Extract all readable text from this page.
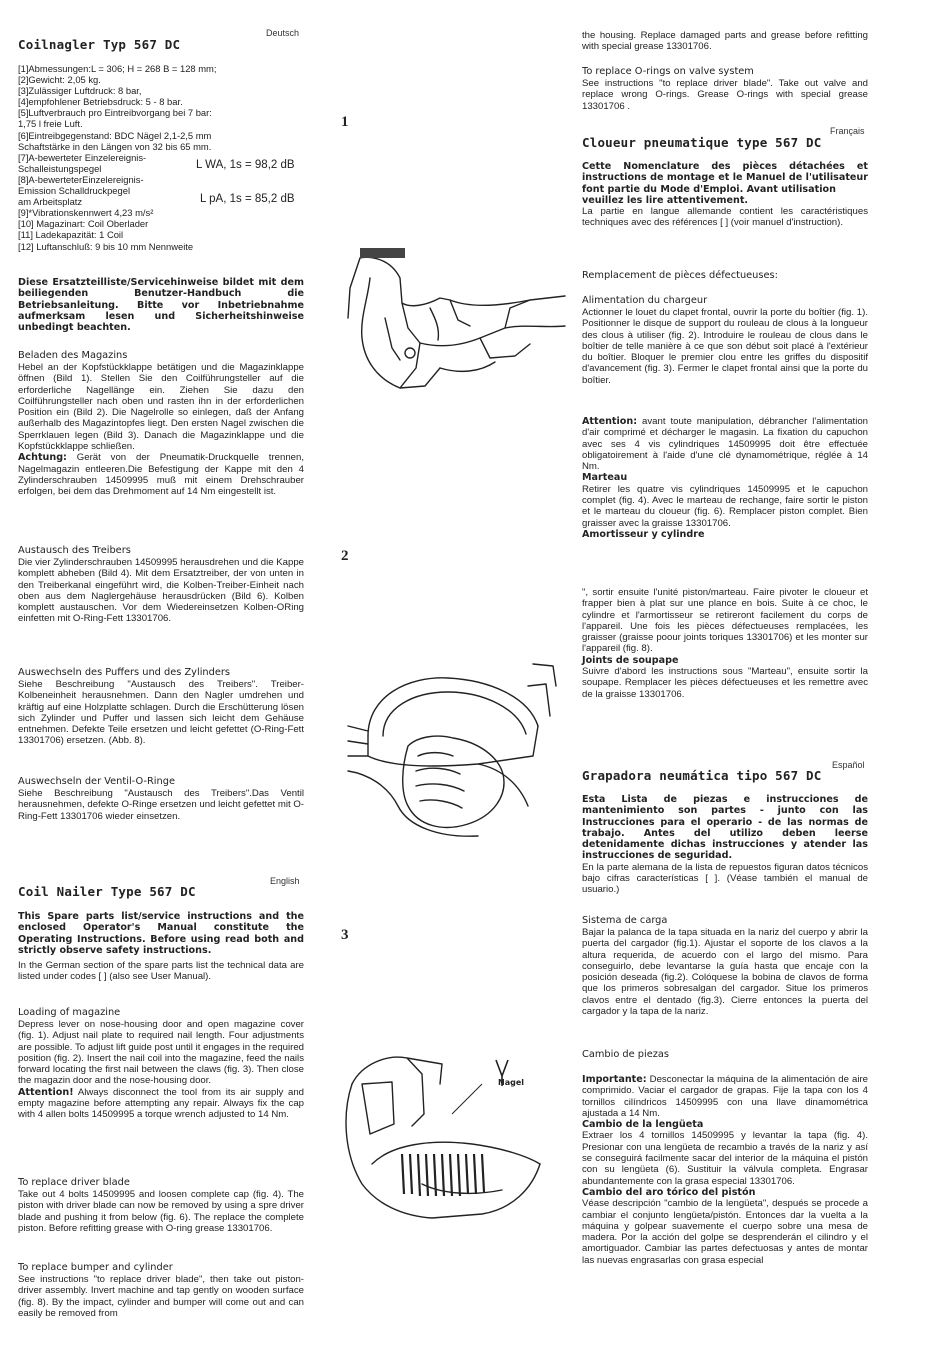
Deutsch
Coilnagler Typ 567 DC

[1]Abmessungen:L = 306; H = 268 B = 128 mm;

[2]Gewicht: 2,05 kg.

[3]Zulässiger Luftdruck: 8 bar,

[4]empfohlener Betriebsdruck: 5 - 8 bar.

[5]Luftverbrauch pro Eintreibvorgang bei 7 bar:

1,75 l freie Luft.

[6]Eintreibgegenstand: BDC Nägel 2,1-2,5 mm

Schaftstärke in den Längen von 32 bis 65 mm.

[7]A-bewerteter Einzelereignis-

Schalleistungspegel	L WA, 1s = 98,2 dB

[8]A-bewerteterEinzelereignis-

Emission Schalldruckpegel

am Arbeitsplatz	L pA, 1s = 85,2 dB

[9]*Vibrationskennwert 4,23 m/s²

[10] Magazinart: Coil Oberlader

[11] Ladekapazität: 1 Coil

[12] Luftanschluß: 9 bis 10 mm Nennweite

Diese Ersatzteilliste/Servicehinweise bildet mit dem beiliegenden Benutzer-Handbuch die Betriebsanleitung. Bitte vor Inbetriebnahme aufmerksam lesen und Sicherheitshinweise unbedingt beachten.

Beladen des Magazins

Hebel an der Kopfstückklappe betätigen und die Magazinklappe öffnen (Bild 1). Stellen Sie den Coilführungsteller auf die erforderliche Nagellänge ein. Ziehen Sie dazu den Coilführungsteller nach oben und rasten ihn in der erforderlichen Position ein (Bild 2). Die Nagelrolle so einlegen, daß der Anfang außerhalb des Magazintopfes liegt. Den ersten Nagel zwischen die Sperrklauen legen (Bild 3). Danach die Magazinklappe und die Kopfstückklappe schließen.

Achtung: Gerät von der Pneumatik-Druckquelle trennen, Nagelmagazin entleeren.Die Befestigung der Kappe mit den 4 Zylinderschrauben 14509995 muß mit einem Drehschrauber erfolgen, bei dem das Drehmoment auf 14 Nm eingestellt ist.

Austausch des Treibers

Die vier Zylinderschrauben 14509995 herausdrehen und die Kappe komplett abheben (Bild 4). Mit dem Ersatztreiber, der von unten in den Treiberkanal eingeführt wird, die Kolben-Treiber-Einheit nach oben aus dem Naglergehäuse herausdrücken (Bild 6). Kolben komplett austauschen. Vor dem Wiedereinsetzen Kolben-ORing einfetten mit O-Ring-Fett 13301706.

Auswechseln des Puffers und des Zylinders

Siehe Beschreibung "Austausch des Treibers". Treiber-Kolbeneinheit herausnehmen. Dann den Nagler umdrehen und kräftig auf eine Holzplatte schlagen. Durch die Erschütterung lösen sich Zylinder und Puffer und lassen sich leicht dem Gehäuse entnehmen. Defekte Teile ersetzen und leicht gefettet (O-Ring-Fett 13301706) ersetzen. (Abb. 8).

Auswechseln der Ventil-O-Ringe

Siehe Beschreibung "Austausch des Treibers".Das Ventil herausnehmen, defekte O-Ringe ersetzen und leicht gefettet mit O-Ring-Fett 13301706 wieder einsetzen.

English
Coil Nailer Type 567 DC
This Spare parts list/service instructions and the enclosed Operator's Manual constitute the Operating Instructions. Before using read both and strictly observe safety instructions.
In the German section of the spare parts list the technical data are listed under codes [ ] (also see User Manual).

Loading of magazine

Depress lever on nose-housing door and open magazine cover (fig. 1). Adjust nail plate to required nail length. Four adjustments are possible. To adjust lift guide post until it engages in the required position (fig. 2). Insert the nail coil into the magazine, feed the nails forward locating the first nail between the claws (fig. 3). Then close the magazin door and the nose-housing door.

Attention! Always disconnect the tool from its air supply and empty magazine before attempting any repair. Always fix the cap with 4 allen bolts 14509995 a torque wrench adjusted to 14 Nm.

To replace driver blade

Take out 4 bolts 14509995 and loosen complete cap (fig. 4). The piston with driver blade can now be removed by using a spre driver blade and pushing it from below (fig. 6). The replace the complete piston. Before refitting grease with O-ring grease 13301706.

To replace bumper and cylinder

See instructions "to replace driver blade", then take out piston-driver assembly. Invert machine and tap gently on wooden surface (fig. 8). By the impact, cylinder and bumper will come out and can easily be removed from

1
2
3
Nagel
the housing. Replace damaged parts and grease before refitting with special grease 13301706.

To replace O-rings on valve system

See instructions "to replace driver blade". Take out valve and replace wrong O-rings. Grease O-rings with special grease 13301706 .

Français
Cloueur pneumatique type 567 DC

Cette Nomenclature des pièces détachées et instructions de montage et le Manuel de l'utilisateur font partie du Mode d'Emploi. Avant utilisation

veuillez les lire attentivement.

La partie en langue allemande contient les caractéristiques techniques avec des références [ ] (voir manuel d'instruction).

Remplacement de pièces défectueuses:

Alimentation du chargeur

Actionner le louet du clapet frontal, ouvrir la porte du boîtier (fig. 1). Positionner le disque de support du rouleau de clous à la longueur des clous à utiliser (fig. 2). Introduire le rouleau de clous dans le boîtier de telle manière à ce que son début soit placé à l'extérieur du boîtier. Bloquer le premier clou entre les griffes du dispositif d'avancement (fig. 3). Fermer le clapet frontal ainsi que la porte du boîtier.

Attention: avant toute manipulation, débrancher l'alimentation d'air comprimé et décharger le magasin. La fixation du capuchon avec ses 4 vis cylindriques 14509995 doit être effectuée obligatoirement à l'aide d'une clé dynamométrique, réglée à 14 Nm.

Marteau

Retirer les quatre vis cylindriques 14509995 et le capuchon complet (fig. 4). Avec le marteau de rechange, faire sortir le piston et le marteau du cloueur (fig. 6). Remplacer piston complet. Bien graisser avec la graisse 13301706.

Amortisseur y cylindre

", sortir ensuite l'unité piston/marteau. Faire pivoter le cloueur et frapper bien à plat sur une plance en bois. Suite à ce choc, le cylindre et l'armortisseur se retireront facilement du corps de l'appareil. Une fois les pièces défectueuses remplacées, les graisser (graisse poour joints toriques 13301706) et les monter sur l'appareil (fig. 8).

Joints de soupape

Suivre d'abord les instructions sous "Marteau", ensuite sortir la soupape. Remplacer les pièces défectueuses et les remettre avec de la graisse 13301706.

Español
Grapadora neumática tipo 567 DC

Esta Lista de piezas e instrucciones de mantenimiento son partes - junto con las Instrucciones para el operario - de las normas de trabajo. Antes del utilizo deben leerse detenidamente dichas instrucciones y atender las instrucciones de seguridad.

En la parte alemana de la lista de repuestos figuran datos técnicos bajo cifras características [ ]. (Véase también el manual de usuario.)

Sistema de carga

Bajar la palanca de la tapa situada en la nariz del cuerpo y abrir la puerta del cargador (fig.1). Ajustar el soporte de los clavos a la altura requerida, de acuerdo con el largo del mismo. Para conseguirlo, debe levantarse la guía hasta que encaje con la posición deseada (fig.2). Colóquese la bobina de clavos de forma que los primeros sobresalgan del cargador. Situe los primeros clavos entre el dentado (fig.3). Cierre entonces la puerta del cargador y la tapa de la nariz.

Cambio de piezas

Importante: Desconectar la máquina de la alimentación de aire comprimido. Vaciar el cargador de grapas. Fije la tapa con los 4 tornillos cilíndricos 14509995 con una llave dinamométrica ajustada a 14 Nm.

Cambio de la lengüeta

Extraer los 4 tornillos 14509995 y levantar la tapa (fig. 4). Presionar con una lengüeta de recambio a través de la nariz y así se conseguirá facilmente sacar del interior de la máquina el pistón con su lengüeta (6). Sustituir la válvula completa. Engrasar abundantemente con la grasa especial 13301706.

Cambio del aro tórico del pistón

Véase descripción "cambio de la lengüeta", después se procede a cambiar el conjunto lengüeta/pistón. Entonces dar la vuelta a la máquina y golpear suavemente el cuerpo sobre una mesa de madera. Por la acción del golpe se desprenderán el cilindro y el amortiguador. Cambiar las partes defectuosas y antes de montar las nuevas engrasarlas con grasa especial
